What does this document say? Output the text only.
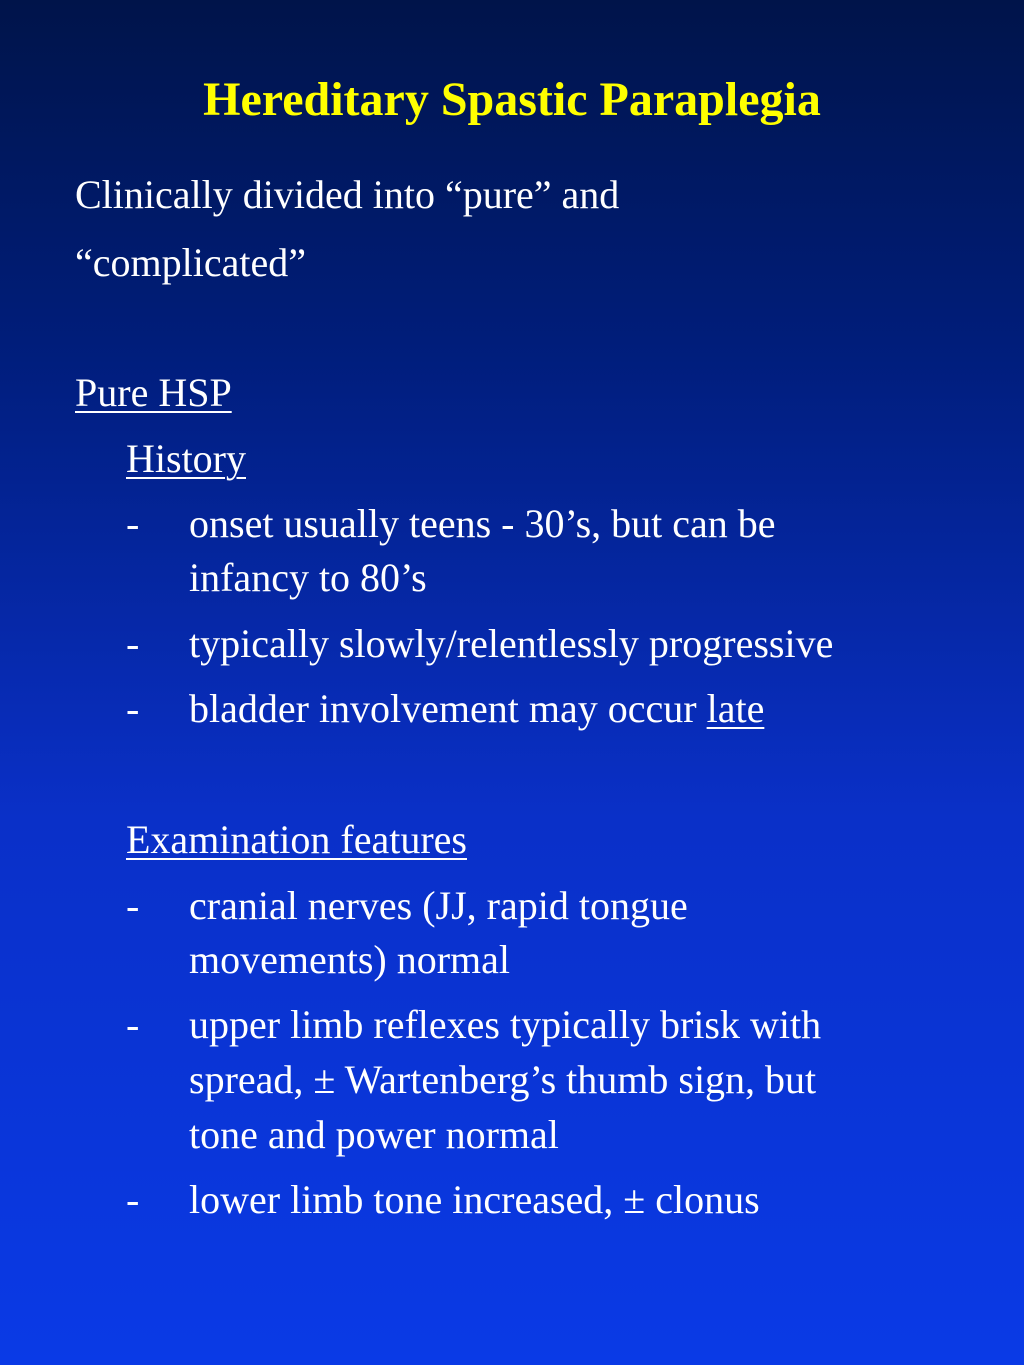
Hereditary Spastic Paraplegia
Clinically divided into “pure” and
“complicated”
Pure HSP
History
- onset usually teens - 30’s, but can be
infancy to 80’s
- typically slowly/relentlessly progressive
- bladder involvement may occur late
Examination features
- cranial nerves (JJ, rapid tongue
movements) normal
- upper limb reflexes typically brisk with
spread, ± Wartenberg’s thumb sign, but
tone and power normal
- lower limb tone increased, ± clonus
